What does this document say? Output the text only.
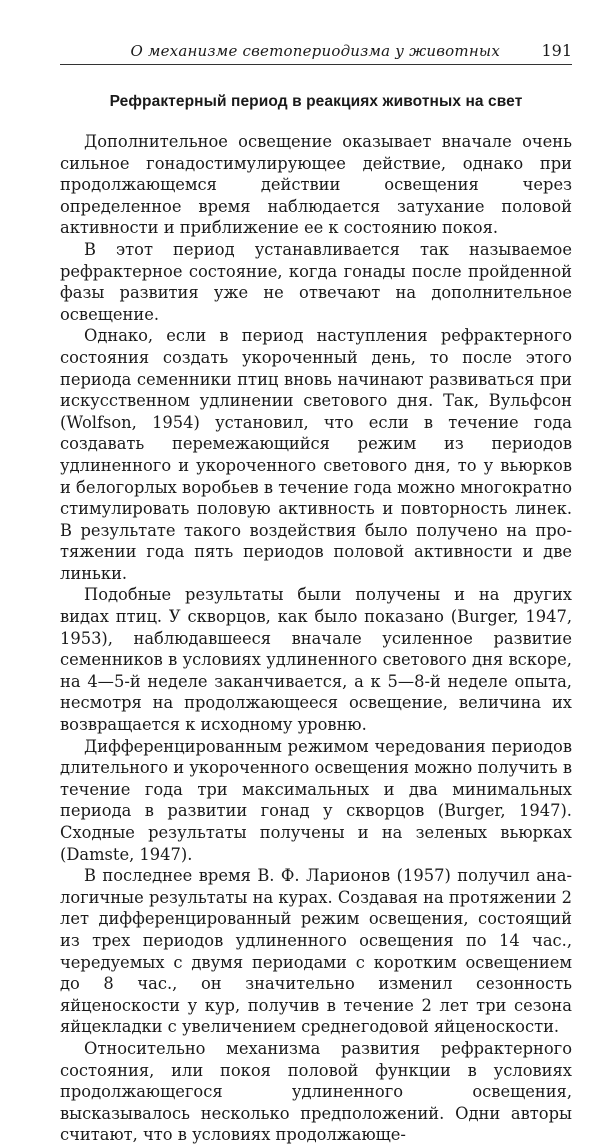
О механизме светопериодизма у животных	191
Рефрактерный период в реакциях животных на свет

Дополнительное освещение оказывает вначале очень сильное гонадостимулирующее действие, однако при продолжающемся действии освещения через определенное время наблюдается затухание половой активности и приближение ее к состоянию покоя.

В этот период устанавливается так называемое рефрактерное состояние, когда гонады после пройденной фазы развития уже не отвечают на дополнительное освещение.

Однако, если в период наступления рефрактерного состояния создать укороченный день, то после этого периода семенники птиц вновь начинают развиваться при искусственном удлинении светового дня. Так, Вульфсон (Wolfson, 1954) установил, что если в течение года создавать перемежающийся режим из периодов удлиненного и укороченного светового дня, то у вьюрков и белогорлых воробьев в течение года можно многократно стимулировать половую активность и повторность линек. В результате такого воздействия было получено на протяжении года пять периодов половой активности и две линьки.

Подобные результаты были получены и на других видах птиц. У скворцов, как было показано (Burger, 1947, 1953), наблюдавшееся вначале усиленное развитие семенников в условиях удлиненного светового дня вскоре, на 4—5-й неделе заканчивается, а к 5—8-й неделе опыта, несмотря на продолжающееся освещение, величина их возвращается к исходному уровню.

Дифференцированным режимом чередования периодов длительного и укороченного освещения можно получить в течение года три максимальных и два минимальных периода в развитии гонад у скворцов (Burger, 1947). Сходные результаты получены и на зеленых вьюрках (Damste, 1947).

В последнее время В. Ф. Ларионов (1957) получил аналогичные результаты на курах. Создавая на протяжении 2 лет дифференцированный режим освещения, состоящий из трех периодов удлиненного освещения по 14 час., чередуемых с двумя периодами с коротким освещением до 8 час., он значительно изменил сезонность яйценоскости у кур, получив в течение 2 лет три сезона яйцекладки с увеличением среднегодовой яйценоскости.

Относительно механизма развития рефрактерного состояния, или покоя половой функции в условиях продолжающегося удлиненного освещения, высказывалось несколько предположений. Одни авторы считают, что в условиях продолжающе-
